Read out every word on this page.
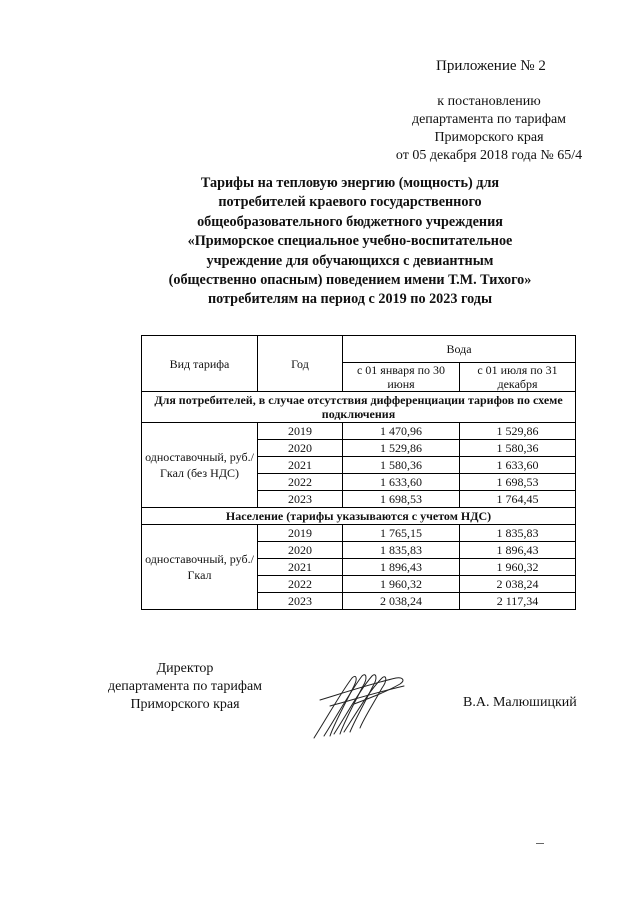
Приложение № 2
к постановлению
департамента по тарифам
Приморского края
от 05 декабря 2018 года № 65/4
Тарифы на тепловую энергию (мощность) для
потребителей краевого государственного
общеобразовательного бюджетного учреждения
«Приморское специальное учебно-воспитательное
учреждение для обучающихся с девиантным
(общественно опасным) поведением имени Т.М. Тихого»
потребителям на период с 2019 по 2023 годы
Вид тарифа	Год	Вода	
		с 01 января по 30 июня	с 01 июля по 31 декабря
Для потребителей, в случае отсутствия дифференциации тарифов по схеме подключения			
одноставочный, руб./Гкал (без НДС)	2019	1 470,96	1 529,86
	2020	1 529,86	1 580,36
	2021	1 580,36	1 633,60
	2022	1 633,60	1 698,53
	2023	1 698,53	1 764,45
Население (тарифы указываются с учетом НДС)			
одноставочный, руб./Гкал	2019	1 765,15	1 835,83
	2020	1 835,83	1 896,43
	2021	1 896,43	1 960,32
	2022	1 960,32	2 038,24
	2023	2 038,24	2 117,34
Директор
департамента по тарифам
Приморского края	В.А. Малюшицкий
